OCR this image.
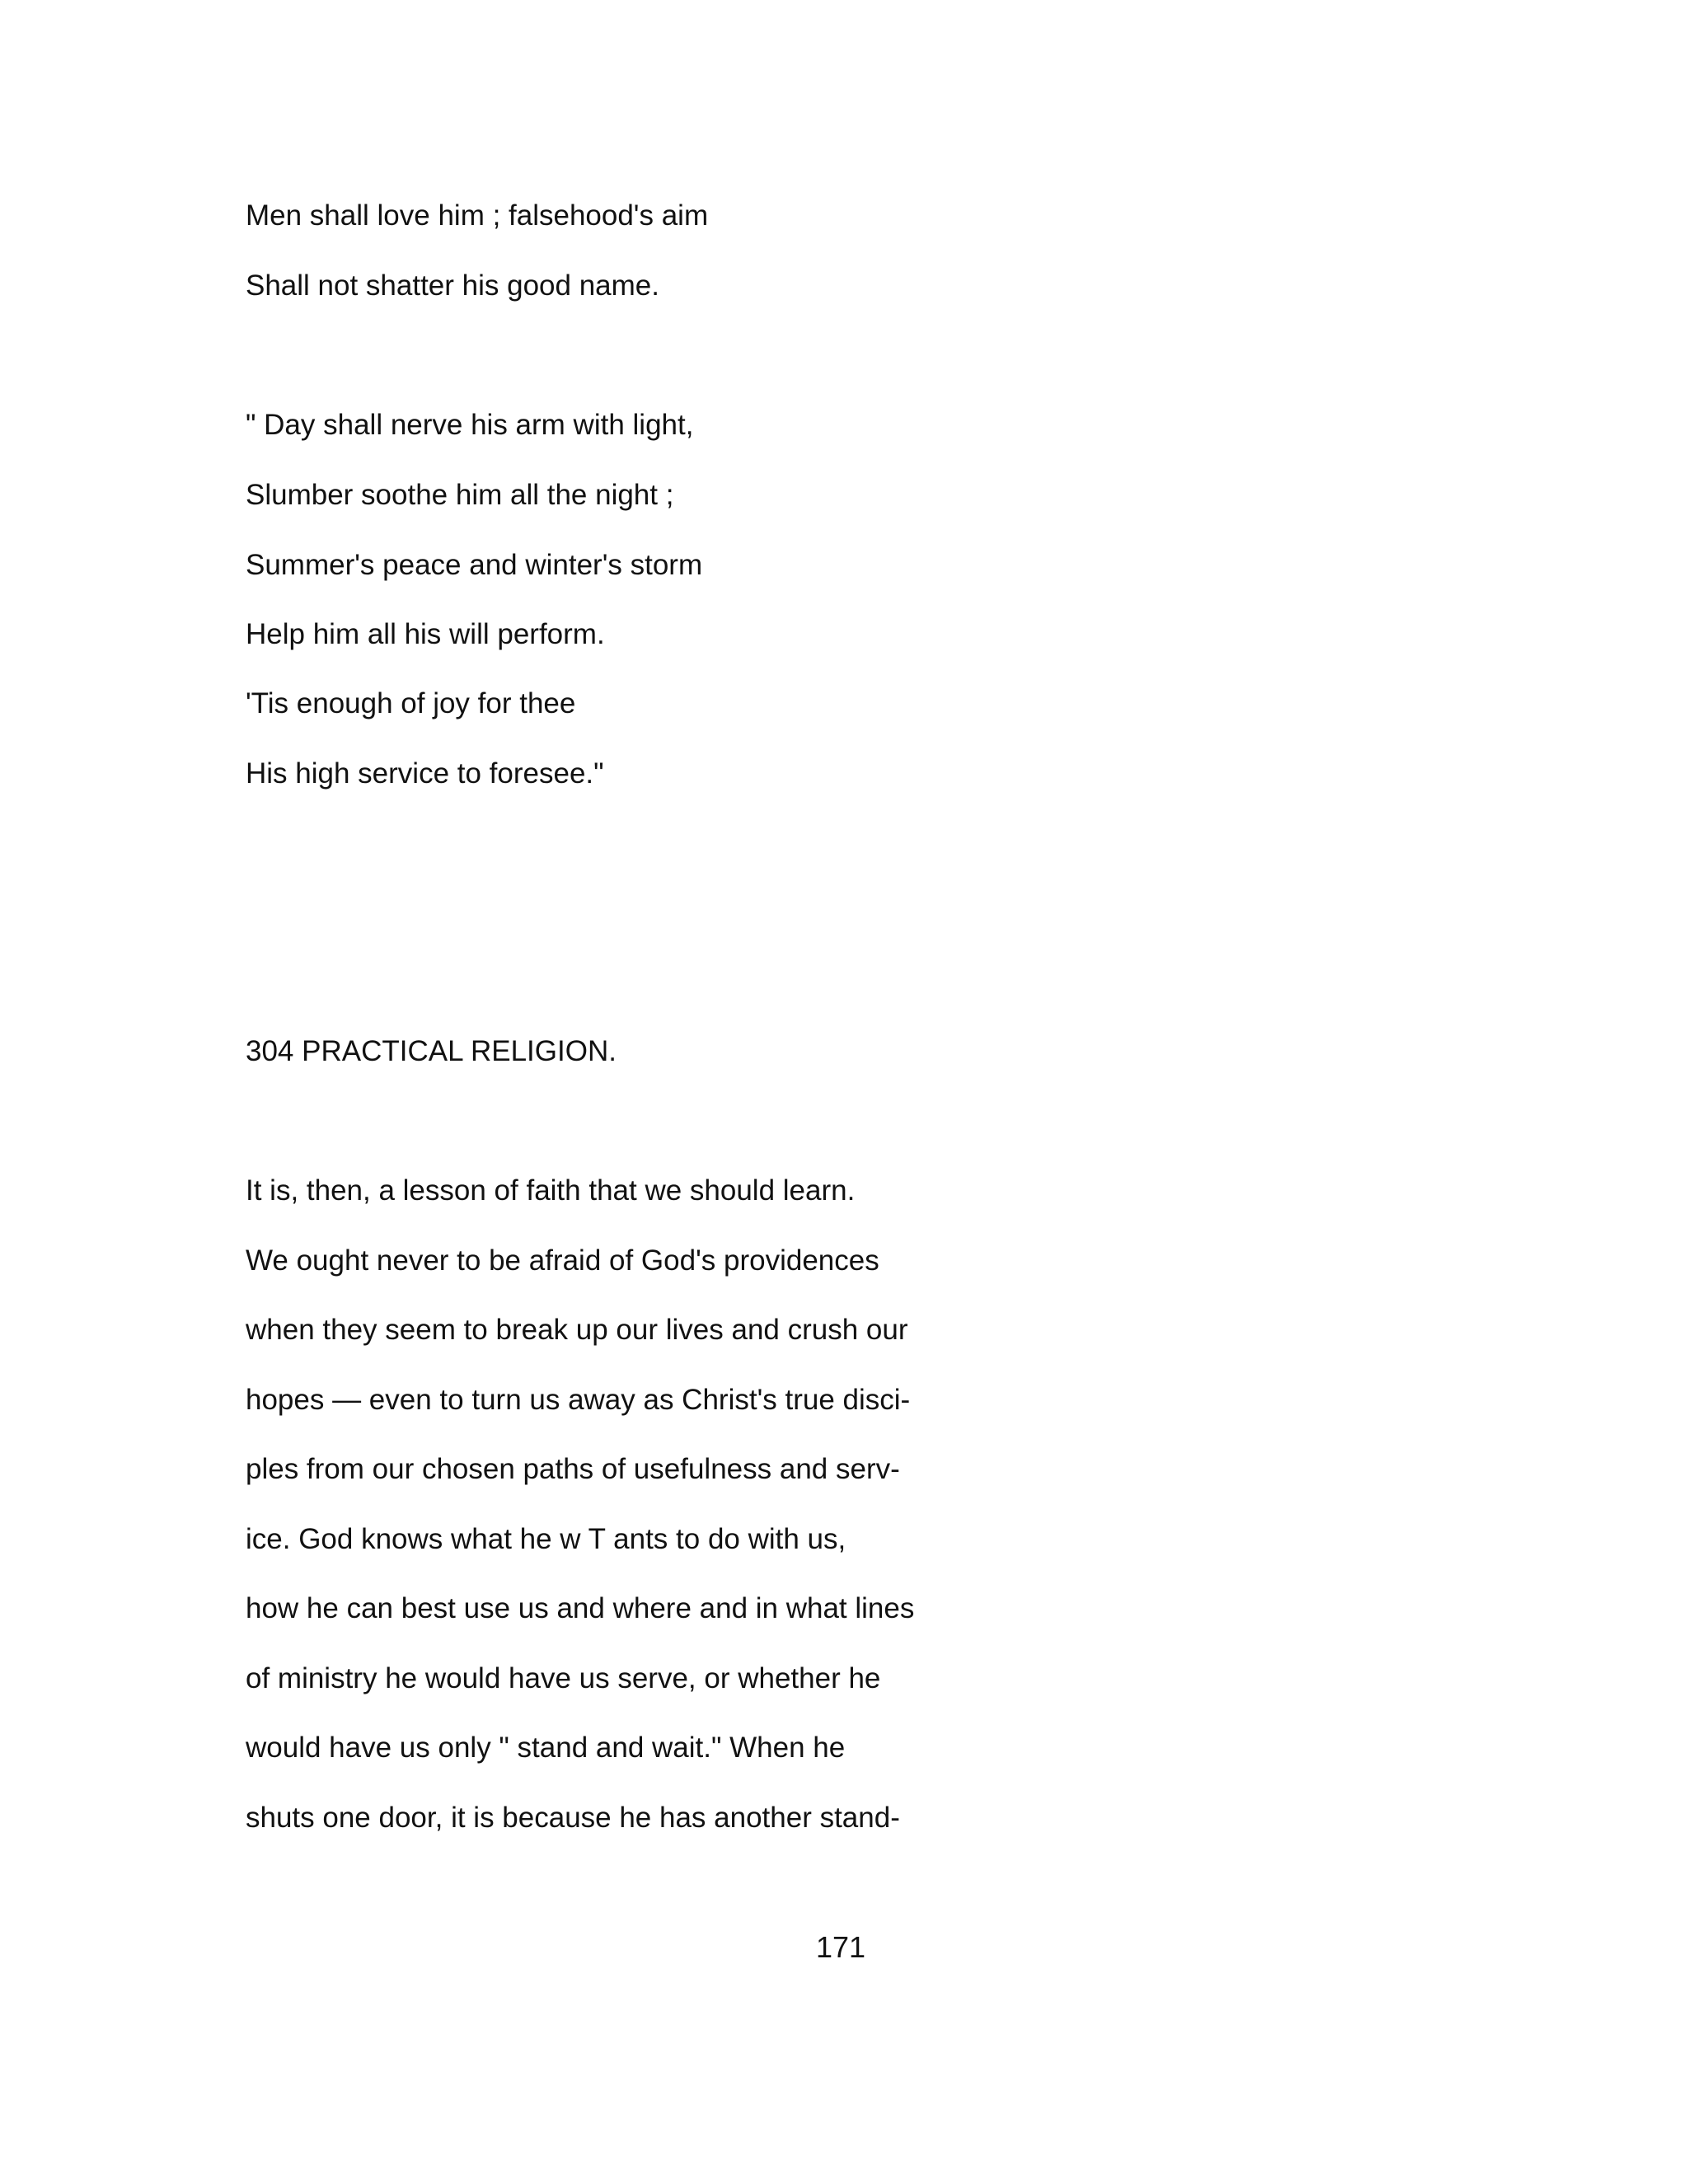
Men shall love him ; falsehood's aim
Shall not shatter his good name.
" Day shall nerve his arm with light,
Slumber soothe him all the night ;
Summer's peace and winter's storm
Help him all his will perform.
'Tis enough of joy for thee
His high service to foresee."
304 PRACTICAL RELIGION.
It is, then, a lesson of faith that we should learn.
We ought never to be afraid of God's providences
when they seem to break up our lives and crush our
hopes — even to turn us away as Christ's true disci-
ples from our chosen paths of usefulness and serv-
ice. God knows what he w T ants to do with us,
how he can best use us and where and in what lines
of ministry he would have us serve, or whether he
would have us only " stand and wait." When he
shuts one door, it is because he has another stand-
171
